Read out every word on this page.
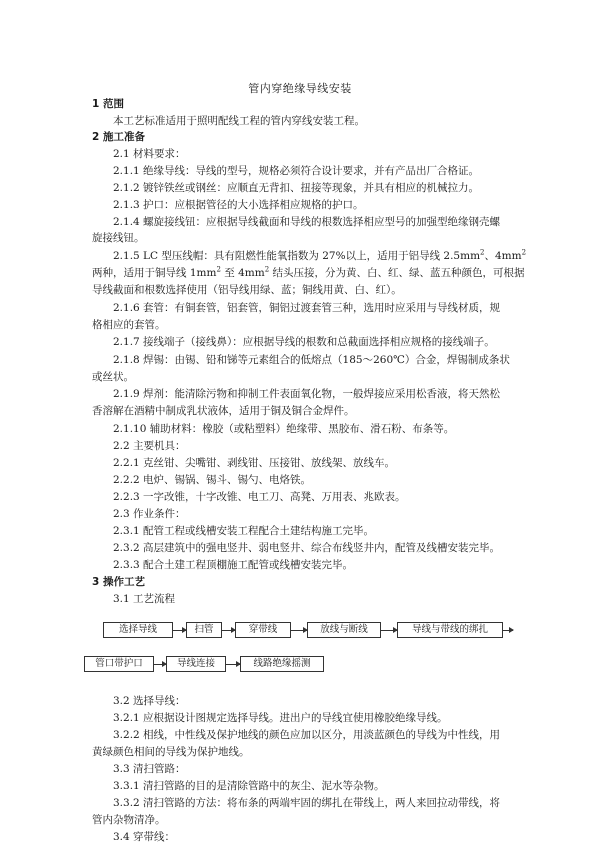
管内穿绝缘导线安装
1 范围
本工艺标准适用于照明配线工程的管内穿线安装工程。
2 施工准备
2.1 材料要求：
2.1.1 绝缘导线：导线的型号，规格必须符合设计要求，并有产品出厂合格证。
2.1.2 镀锌铁丝或钢丝：应顺直无背扣、扭接等现象，并具有相应的机械拉力。
2.1.3 护口：应根据管径的大小选择相应规格的护口。
2.1.4 螺旋接线钮：应根据导线截面和导线的根数选择相应型号的加强型绝缘钢壳螺
旋接线钮。
2.1.5 LC 型压线帽：具有阻燃性能氧指数为 27%以上，适用于铝导线 $2.5mm^2$、$4mm^2$
两种，适用于铜导线 $1mm^2$ 至 $4mm^2$ 结头压接，分为黄、白、红、绿、蓝五种颜色，可根据
导线截面和根数选择使用（铝导线用绿、蓝；铜线用黄、白、红）。
2.1.6 套管：有铜套管，铝套管，铜铝过渡套管三种，选用时应采用与导线材质，规
格相应的套管。
2.1.7 接线端子（接线鼻）：应根据导线的根数和总截面选择相应规格的接线端子。
2.1.8 焊锡：由锡、铅和锑等元素组合的低熔点（185～260℃）合金，焊锡制成条状
或丝状。
2.1.9 焊剂：能清除污物和抑制工件表面氧化物，一般焊接应采用松香液，将天然松
香溶解在酒精中制成乳状液体，适用于铜及铜合金焊件。
2.1.10 辅助材料：橡胶（或粘塑料）绝缘带、黑胶布、滑石粉、布条等。
2.2 主要机具：
2.2.1 克丝钳、尖嘴钳、剥线钳、压接钳、放线架、放线车。
2.2.2 电炉、锡锅、锡斗、锡勺、电烙铁。
2.2.3 一字改锥，十字改锥、电工刀、高凳、万用表、兆欧表。
2.3 作业条件：
2.3.1 配管工程或线槽安装工程配合土建结构施工完毕。
2.3.2 高层建筑中的强电竖井、弱电竖井、综合布线竖井内，配管及线槽安装完毕。
2.3.3 配合土建工程顶棚施工配管或线槽安装完毕。
3 操作工艺
3.1 工艺流程
选择导线	扫管	穿带线	放线与断线	导线与带线的绑扎
管口带护口	导线连接	线路绝缘摇测
3.2 选择导线：
3.2.1 应根据设计图规定选择导线。进出户的导线宜使用橡胶绝缘导线。
3.2.2 相线，中性线及保护地线的颜色应加以区分，用淡蓝颜色的导线为中性线，用
黄绿颜色相间的导线为保护地线。
3.3 清扫管路：
3.3.1 清扫管路的目的是清除管路中的灰尘、泥水等杂物。
3.3.2 清扫管路的方法：将布条的两端牢固的绑扎在带线上，两人来回拉动带线，将
管内杂物清净。
3.4 穿带线：
